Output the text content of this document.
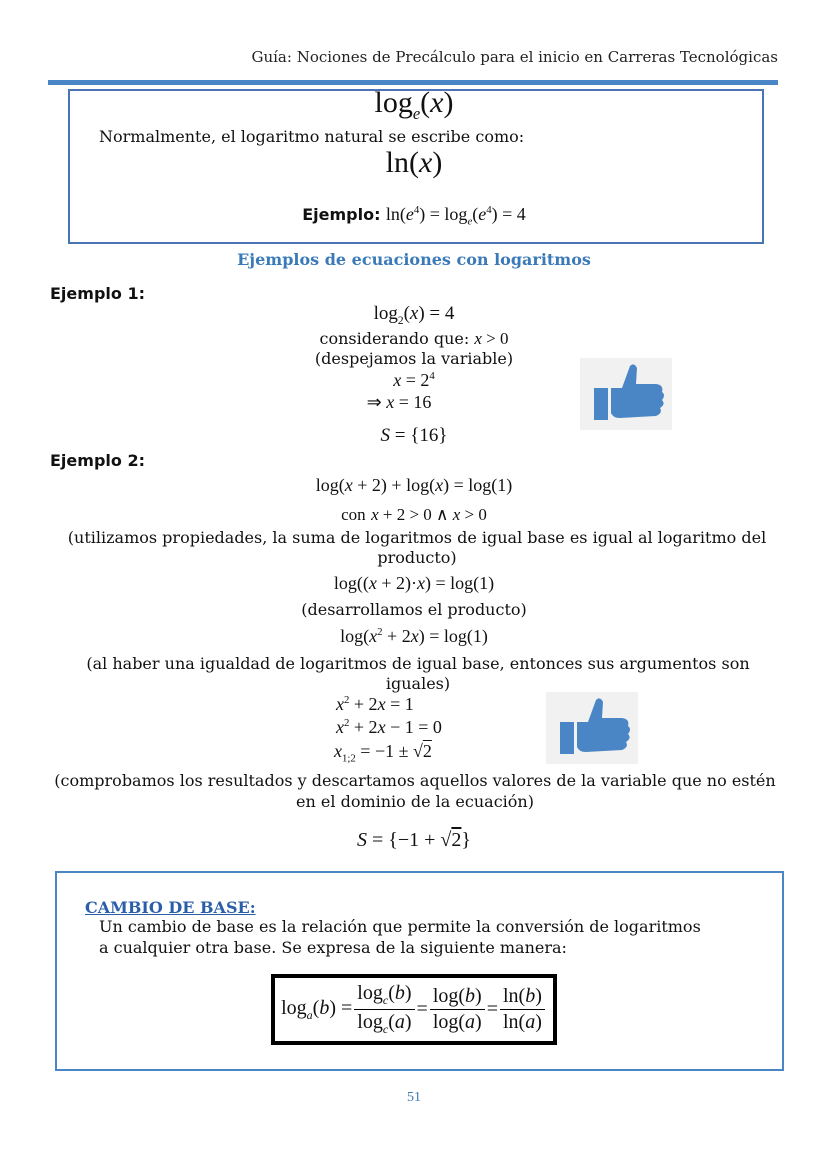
Guía: Nociones de Precálculo para el inicio en Carreras Tecnológicas
$\log_e(x)$
Normalmente, el logaritmo natural se escribe como:
ln(x)
Ejemplo: $\ln(e^4) = \log_e(e^4) = 4$
Ejemplos de ecuaciones con logaritmos
Ejemplo 1:
$\log_2(x) = 4$
considerando que: x > 0
(despejamos la variable)
$x = 2^4$
⇒ x = 16
S = {16}
Ejemplo 2:
log(x + 2) + log(x) = log(1)
con x + 2 > 0 ∧ x > 0
(utilizamos propiedades, la suma de logaritmos de igual base es igual al logaritmo del producto)
log((x + 2)·x) = log(1)
(desarrollamos el producto)
$\log(x^2 + 2x) = \log(1)$
(al haber una igualdad de logaritmos de igual base, entonces sus argumentos son iguales)
$x^2 + 2x = 1$
$x^2 + 2x - 1 = 0$
$x_{1;2} = -1 \pm √2$
(comprobamos los resultados y descartamos aquellos valores de la variable que no estén en el dominio de la ecuación)
S = {−1 + √2}
CAMBIO DE BASE:
Un cambio de base es la relación que permite la conversión de logaritmos
a cualquier otra base. Se expresa de la siguiente manera:
$\log_a(b) = \frac{\log_c(b)}{\log_c(a)} = \frac{\log(b)}{\log(a)} = \frac{\ln(b)}{\ln(a)}$
51
